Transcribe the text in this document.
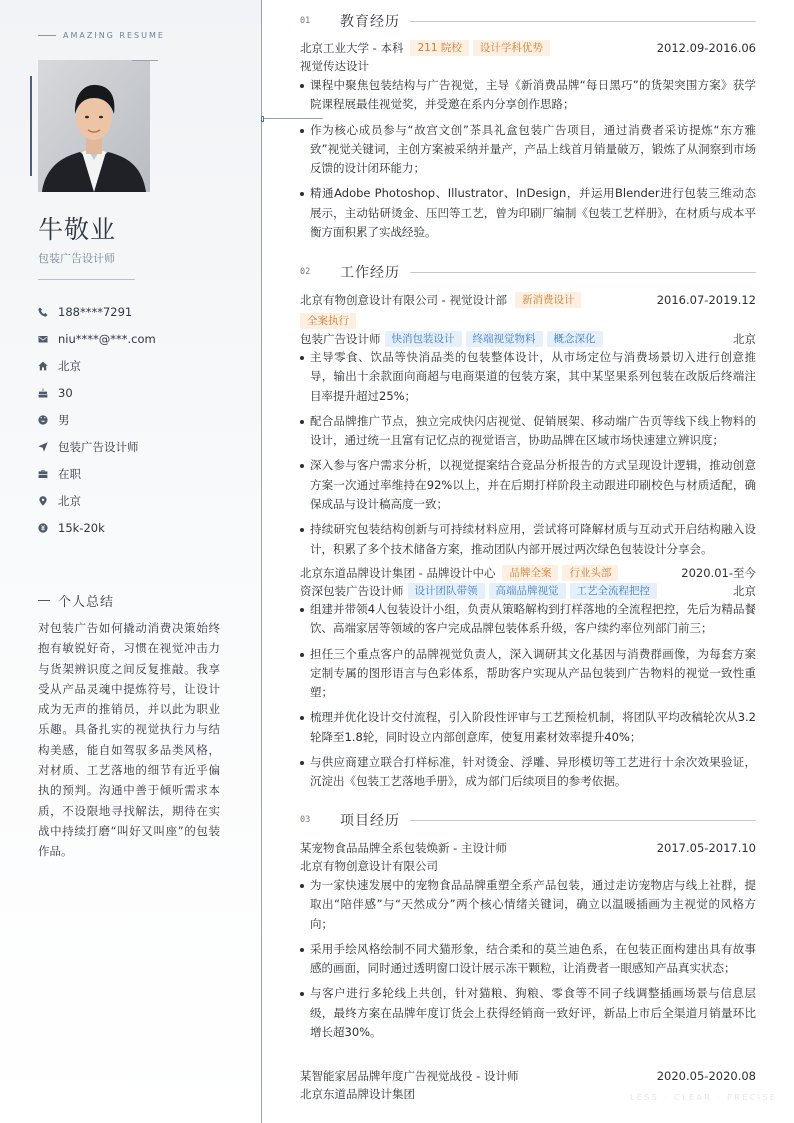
AMAZING RESUME
牛敬业
包装广告设计师
188****7291
niu****@***.com
北京
30
男
包装广告设计师
在职
北京
15k-20k
个人总结
对包装广告如何撬动消费决策始终抱有敏锐好奇，习惯在视觉冲击力与货架辨识度之间反复推敲。我享受从产品灵魂中提炼符号，让设计成为无声的推销员，并以此为职业乐趣。具备扎实的视觉执行力与结构美感，能自如驾驭多品类风格，对材质、工艺落地的细节有近乎偏执的预判。沟通中善于倾听需求本质，不设限地寻找解法，期待在实战中持续打磨“叫好又叫座”的包装作品。
01	教育经历
北京工业大学 - 本科	211 院校	设计学科优势	2012.09-2016.06
视觉传达设计
课程中聚焦包装结构与广告视觉，主导《新消费品牌“每日黑巧”的货架突围方案》获学院课程展最佳视觉奖，并受邀在系内分享创作思路；
作为核心成员参与“故宫文创”茶具礼盒包装广告项目，通过消费者采访提炼“东方雅致”视觉关键词，主创方案被采纳并量产，产品上线首月销量破万，锻炼了从洞察到市场反馈的设计闭环能力；
精通Adobe Photoshop、Illustrator、InDesign，并运用Blender进行包装三维动态展示，主动钻研烫金、压凹等工艺，曾为印刷厂编制《包装工艺样册》，在材质与成本平衡方面积累了实战经验。
02	工作经历
北京有物创意设计有限公司 - 视觉设计部	新消费设计	2016.07-2019.12
全案执行
包装广告设计师	快消包装设计	终端视觉物料	概念深化	北京
主导零食、饮品等快消品类的包装整体设计，从市场定位与消费场景切入进行创意推导，输出十余款面向商超与电商渠道的包装方案，其中某坚果系列包装在改版后终端注目率提升超过25%；
配合品牌推广节点，独立完成快闪店视觉、促销展架、移动端广告页等线下线上物料的设计，通过统一且富有记忆点的视觉语言，协助品牌在区域市场快速建立辨识度；
深入参与客户需求分析，以视觉提案结合竞品分析报告的方式呈现设计逻辑，推动创意方案一次通过率维持在92%以上，并在后期打样阶段主动跟进印刷校色与材质适配，确保成品与设计稿高度一致；
持续研究包装结构创新与可持续材料应用，尝试将可降解材质与互动式开启结构融入设计，积累了多个技术储备方案，推动团队内部开展过两次绿色包装设计分享会。
北京东道品牌设计集团 - 品牌设计中心	品牌全案	行业头部	2020.01-至今
资深包装广告设计师	设计团队带领	高端品牌视觉	工艺全流程把控	北京
组建并带领4人包装设计小组，负责从策略解构到打样落地的全流程把控，先后为精品餐饮、高端家居等领域的客户完成品牌包装体系升级，客户续约率位列部门前三；
担任三个重点客户的品牌视觉负责人，深入调研其文化基因与消费群画像，为每套方案定制专属的图形语言与色彩体系，帮助客户实现从产品包装到广告物料的视觉一致性重塑；
梳理并优化设计交付流程，引入阶段性评审与工艺预检机制，将团队平均改稿轮次从3.2轮降至1.8轮，同时设立内部创意库，使复用素材效率提升40%；
与供应商建立联合打样标准，针对烫金、浮雕、异形模切等工艺进行十余次效果验证，沉淀出《包装工艺落地手册》，成为部门后续项目的参考依据。
03	项目经历
某宠物食品品牌全系包装焕新 - 主设计师	2017.05-2017.10
北京有物创意设计有限公司
为一家快速发展中的宠物食品品牌重塑全系产品包装，通过走访宠物店与线上社群，提取出“陪伴感”与“天然成分”两个核心情绪关键词，确立以温暖插画为主视觉的风格方向；
采用手绘风格绘制不同犬猫形象，结合柔和的莫兰迪色系，在包装正面构建出具有故事感的画面，同时通过透明窗口设计展示冻干颗粒，让消费者一眼感知产品真实状态；
与客户进行多轮线上共创，针对猫粮、狗粮、零食等不同子线调整插画场景与信息层级，最终方案在品牌年度订货会上获得经销商一致好评，新品上市后全渠道月销量环比增长超30%。
某智能家居品牌年度广告视觉战役 - 设计师	2020.05-2020.08
北京东道品牌设计集团	LESS · CLEAR · PRECISE
